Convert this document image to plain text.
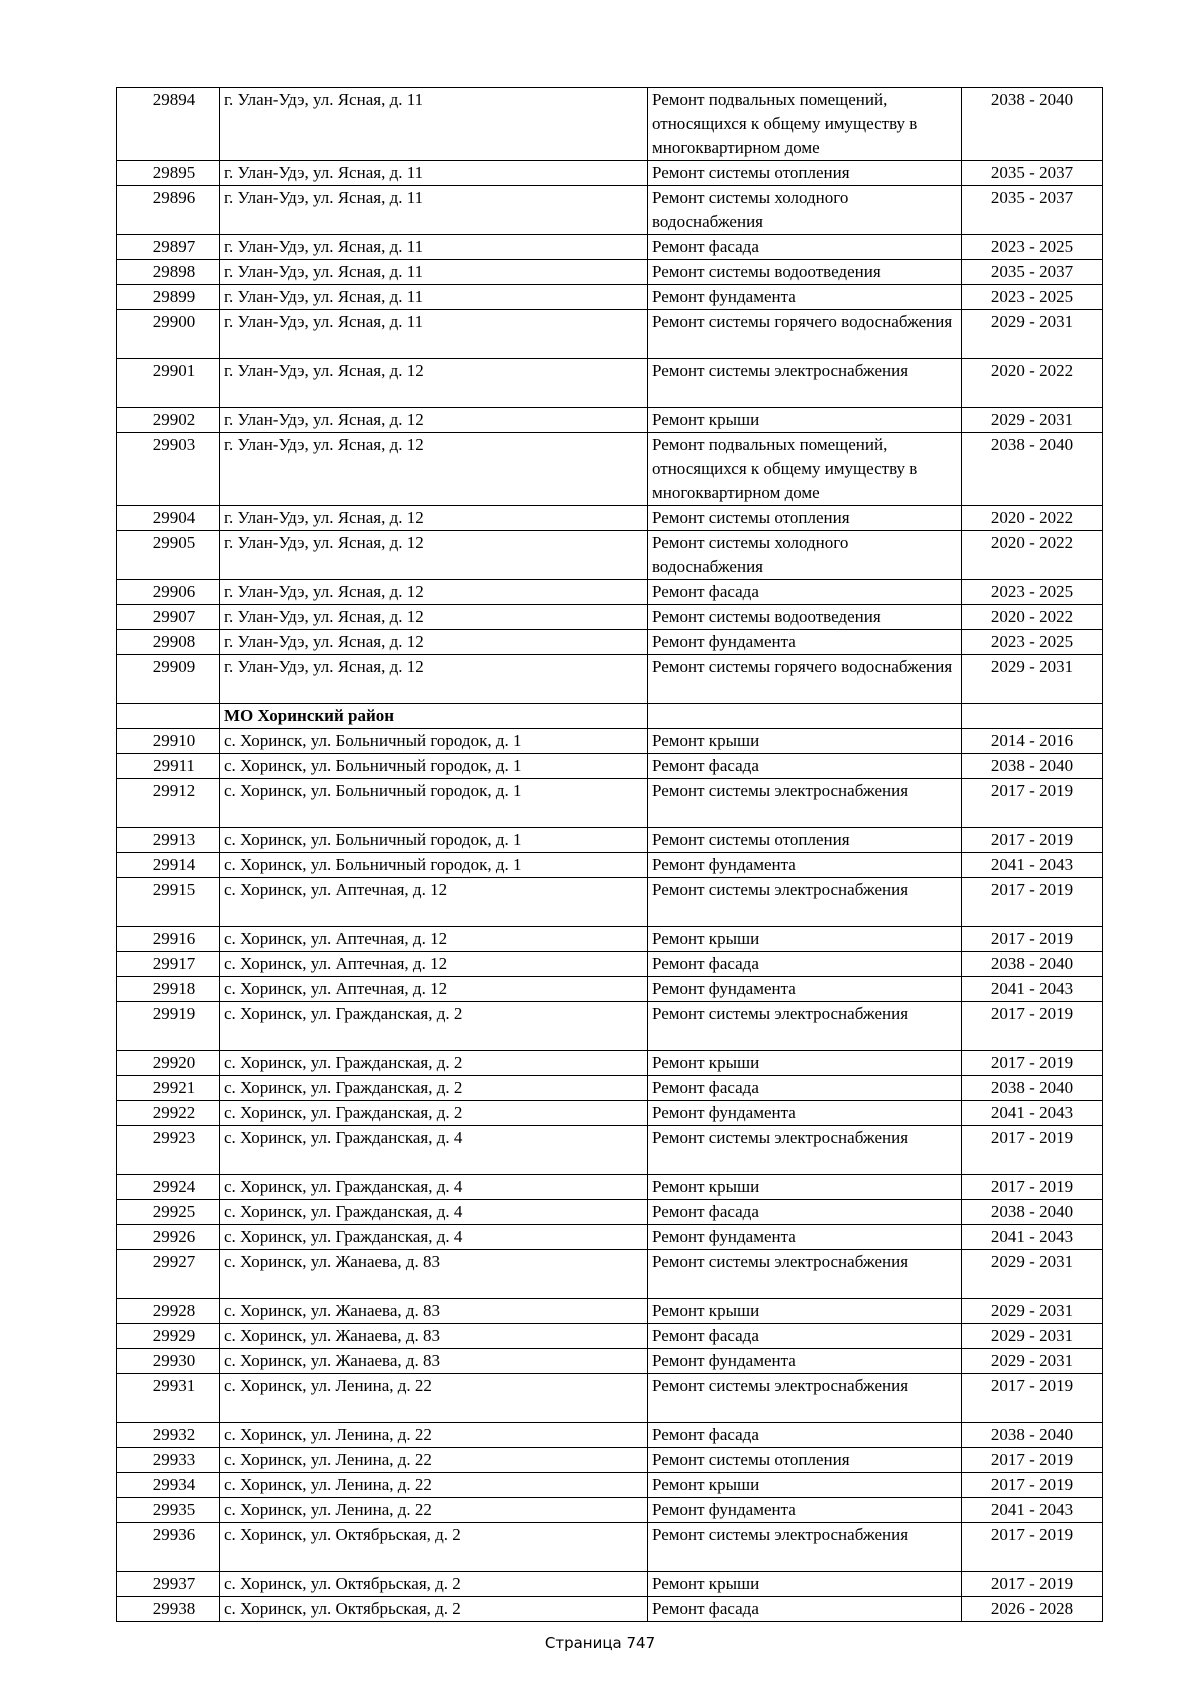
29894	г. Улан-Удэ, ул. Ясная, д. 11	Ремонт подвальных помещений, относящихся к общему имуществу в многоквартирном доме	2038 - 2040
29895	г. Улан-Удэ, ул. Ясная, д. 11	Ремонт системы отопления	2035 - 2037
29896	г. Улан-Удэ, ул. Ясная, д. 11	Ремонт системы холодного водоснабжения	2035 - 2037
29897	г. Улан-Удэ, ул. Ясная, д. 11	Ремонт фасада	2023 - 2025
29898	г. Улан-Удэ, ул. Ясная, д. 11	Ремонт системы водоотведения	2035 - 2037
29899	г. Улан-Удэ, ул. Ясная, д. 11	Ремонт фундамента	2023 - 2025
29900	г. Улан-Удэ, ул. Ясная, д. 11	Ремонт системы горячего водоснабжения	2029 - 2031
29901	г. Улан-Удэ, ул. Ясная, д. 12	Ремонт системы электроснабжения	2020 - 2022
29902	г. Улан-Удэ, ул. Ясная, д. 12	Ремонт крыши	2029 - 2031
29903	г. Улан-Удэ, ул. Ясная, д. 12	Ремонт подвальных помещений, относящихся к общему имуществу в многоквартирном доме	2038 - 2040
29904	г. Улан-Удэ, ул. Ясная, д. 12	Ремонт системы отопления	2020 - 2022
29905	г. Улан-Удэ, ул. Ясная, д. 12	Ремонт системы холодного водоснабжения	2020 - 2022
29906	г. Улан-Удэ, ул. Ясная, д. 12	Ремонт фасада	2023 - 2025
29907	г. Улан-Удэ, ул. Ясная, д. 12	Ремонт системы водоотведения	2020 - 2022
29908	г. Улан-Удэ, ул. Ясная, д. 12	Ремонт фундамента	2023 - 2025
29909	г. Улан-Удэ, ул. Ясная, д. 12	Ремонт системы горячего водоснабжения	2029 - 2031
	МО Хоринский район		
29910	с. Хоринск, ул. Больничный городок, д. 1	Ремонт крыши	2014 - 2016
29911	с. Хоринск, ул. Больничный городок, д. 1	Ремонт фасада	2038 - 2040
29912	с. Хоринск, ул. Больничный городок, д. 1	Ремонт системы электроснабжения	2017 - 2019
29913	с. Хоринск, ул. Больничный городок, д. 1	Ремонт системы отопления	2017 - 2019
29914	с. Хоринск, ул. Больничный городок, д. 1	Ремонт фундамента	2041 - 2043
29915	с. Хоринск, ул. Аптечная, д. 12	Ремонт системы электроснабжения	2017 - 2019
29916	с. Хоринск, ул. Аптечная, д. 12	Ремонт крыши	2017 - 2019
29917	с. Хоринск, ул. Аптечная, д. 12	Ремонт фасада	2038 - 2040
29918	с. Хоринск, ул. Аптечная, д. 12	Ремонт фундамента	2041 - 2043
29919	с. Хоринск, ул. Гражданская, д. 2	Ремонт системы электроснабжения	2017 - 2019
29920	с. Хоринск, ул. Гражданская, д. 2	Ремонт крыши	2017 - 2019
29921	с. Хоринск, ул. Гражданская, д. 2	Ремонт фасада	2038 - 2040
29922	с. Хоринск, ул. Гражданская, д. 2	Ремонт фундамента	2041 - 2043
29923	с. Хоринск, ул. Гражданская, д. 4	Ремонт системы электроснабжения	2017 - 2019
29924	с. Хоринск, ул. Гражданская, д. 4	Ремонт крыши	2017 - 2019
29925	с. Хоринск, ул. Гражданская, д. 4	Ремонт фасада	2038 - 2040
29926	с. Хоринск, ул. Гражданская, д. 4	Ремонт фундамента	2041 - 2043
29927	с. Хоринск, ул. Жанаева, д. 83	Ремонт системы электроснабжения	2029 - 2031
29928	с. Хоринск, ул. Жанаева, д. 83	Ремонт крыши	2029 - 2031
29929	с. Хоринск, ул. Жанаева, д. 83	Ремонт фасада	2029 - 2031
29930	с. Хоринск, ул. Жанаева, д. 83	Ремонт фундамента	2029 - 2031
29931	с. Хоринск, ул. Ленина, д. 22	Ремонт системы электроснабжения	2017 - 2019
29932	с. Хоринск, ул. Ленина, д. 22	Ремонт фасада	2038 - 2040
29933	с. Хоринск, ул. Ленина, д. 22	Ремонт системы отопления	2017 - 2019
29934	с. Хоринск, ул. Ленина, д. 22	Ремонт крыши	2017 - 2019
29935	с. Хоринск, ул. Ленина, д. 22	Ремонт фундамента	2041 - 2043
29936	с. Хоринск, ул. Октябрьская, д. 2	Ремонт системы электроснабжения	2017 - 2019
29937	с. Хоринск, ул. Октябрьская, д. 2	Ремонт крыши	2017 - 2019
29938	с. Хоринск, ул. Октябрьская, д. 2	Ремонт фасада	2026 - 2028
Страница 747
